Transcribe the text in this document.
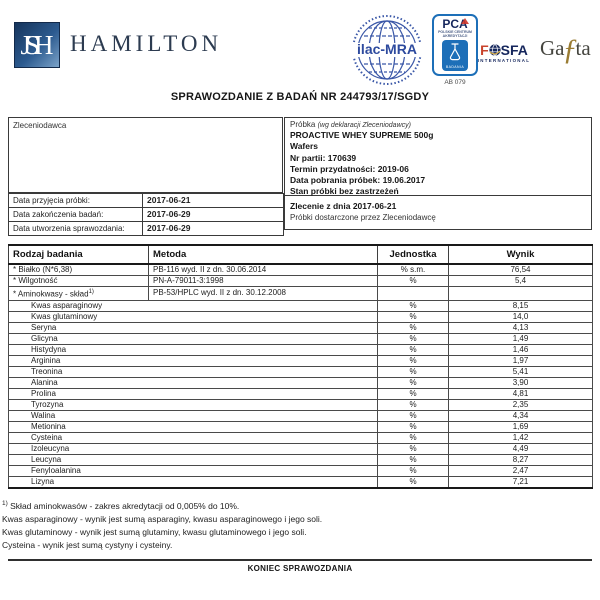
JSH HAMILTON	ilac-MRA
PCA
POLSKIE CENTRUM AKREDYTACJI
BADANIA
AB 079
F SFA
INTERNATIONAL
Ga
ƒ
ta
SPRAWOZDANIE Z BADAŃ NR 244793/17/SGDY
Zleceniodawca
Data przyjęcia próbki:	2017-06-21
Data zakończenia badań:	2017-06-29
Data utworzenia sprawozdania:	2017-06-29
Próbka (wg deklaracji Zleceniodawcy)
PROACTIVE WHEY SUPREME 500g
Wafers
Nr partii: 170639
Termin przydatności: 2019-06
Data pobrania próbek: 19.06.2017
Stan próbki bez zastrzeżeń
Zlecenie z dnia 2017-06-21
Próbki dostarczone przez Zleceniodawcę
Rodzaj badania	Metoda	Jednostka	Wynik
* Białko (N*6,38)	PB-116 wyd. II z dn. 30.06.2014	% s.m.	76,54
* Wilgotność	PN-A-79011-3:1998	%	5,4
* Aminokwasy - skład$^{1)}$	PB-53/HPLC wyd. II z dn. 30.12.2008		
Kwas asparaginowy		%	8,15
Kwas glutaminowy		%	14,0
Seryna		%	4,13
Glicyna		%	1,49
Histydyna		%	1,46
Arginina		%	1,97
Treonina		%	5,41
Alanina		%	3,90
Prolina		%	4,81
Tyrozyna		%	2,35
Walina		%	4,34
Metionina		%	1,69
Cysteina		%	1,42
Izoleucyna		%	4,49
Leucyna		%	8,27
Fenyloalanina		%	2,47
Lizyna		%	7,21
$^{1)}$ Skład aminokwasów - zakres akredytacji od 0,005% do 10%.
Kwas asparaginowy - wynik jest sumą asparaginy, kwasu asparaginowego i jego soli.
Kwas glutaminowy - wynik jest sumą glutaminy, kwasu glutaminowego i jego soli.
Cysteina - wynik jest sumą cystyny i cysteiny.
KONIEC SPRAWOZDANIA
